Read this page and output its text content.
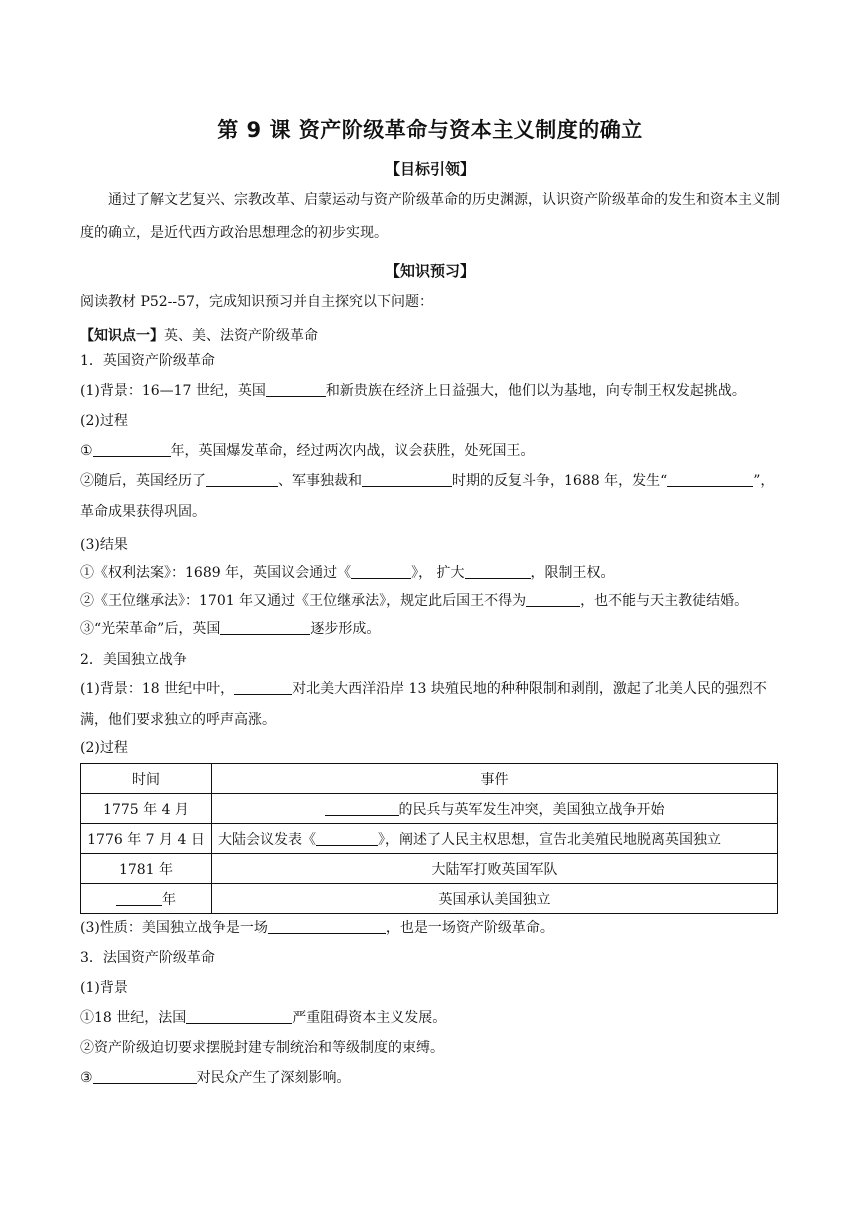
第 9 课 资产阶级革命与资本主义制度的确立
【目标引领】
通过了解文艺复兴、宗教改革、启蒙运动与资产阶级革命的历史渊源，认识资产阶级革命的发生和资本主义制度的确立，是近代西方政治思想理念的初步实现。
【知识预习】
阅读教材 P52--57，完成知识预习并自主探究以下问题：
【知识点一】英、美、法资产阶级革命
1．英国资产阶级革命
(1)背景：16—17 世纪，英国	和新贵族在经济上日益强大，他们以为基地，向专制王权发起挑战。
(2)过程
①	年，英国爆发革命，经过两次内战，议会获胜，处死国王。
②随后，英国经历了	、军事独裁和	时期的反复斗争，1688 年，发生“	”，革命成果获得巩固。
(3)结果
①《权利法案》：1689 年，英国议会通过《	》， 扩大	，限制王权。
②《王位继承法》：1701 年又通过《王位继承法》，规定此后国王不得为	，也不能与天主教徒结婚。
③“光荣革命”后，英国	逐步形成。
2．美国独立战争
(1)背景：18 世纪中叶，	对北美大西洋沿岸 13 块殖民地的种种限制和剥削，激起了北美人民的强烈不满，他们要求独立的呼声高涨。
(2)过程
时间	事件
1775 年 4 月	的民兵与英军发生冲突，美国独立战争开始
1776 年 7 月 4 日	大陆会议发表《 》，阐述了人民主权思想，宣告北美殖民地脱离英国独立
1781 年	大陆军打败英国军队
年	英国承认美国独立
(3)性质：美国独立战争是一场	，也是一场资产阶级革命。
3．法国资产阶级革命
(1)背景
①18 世纪，法国	严重阻碍资本主义发展。
②资产阶级迫切要求摆脱封建专制统治和等级制度的束缚。
③	对民众产生了深刻影响。
